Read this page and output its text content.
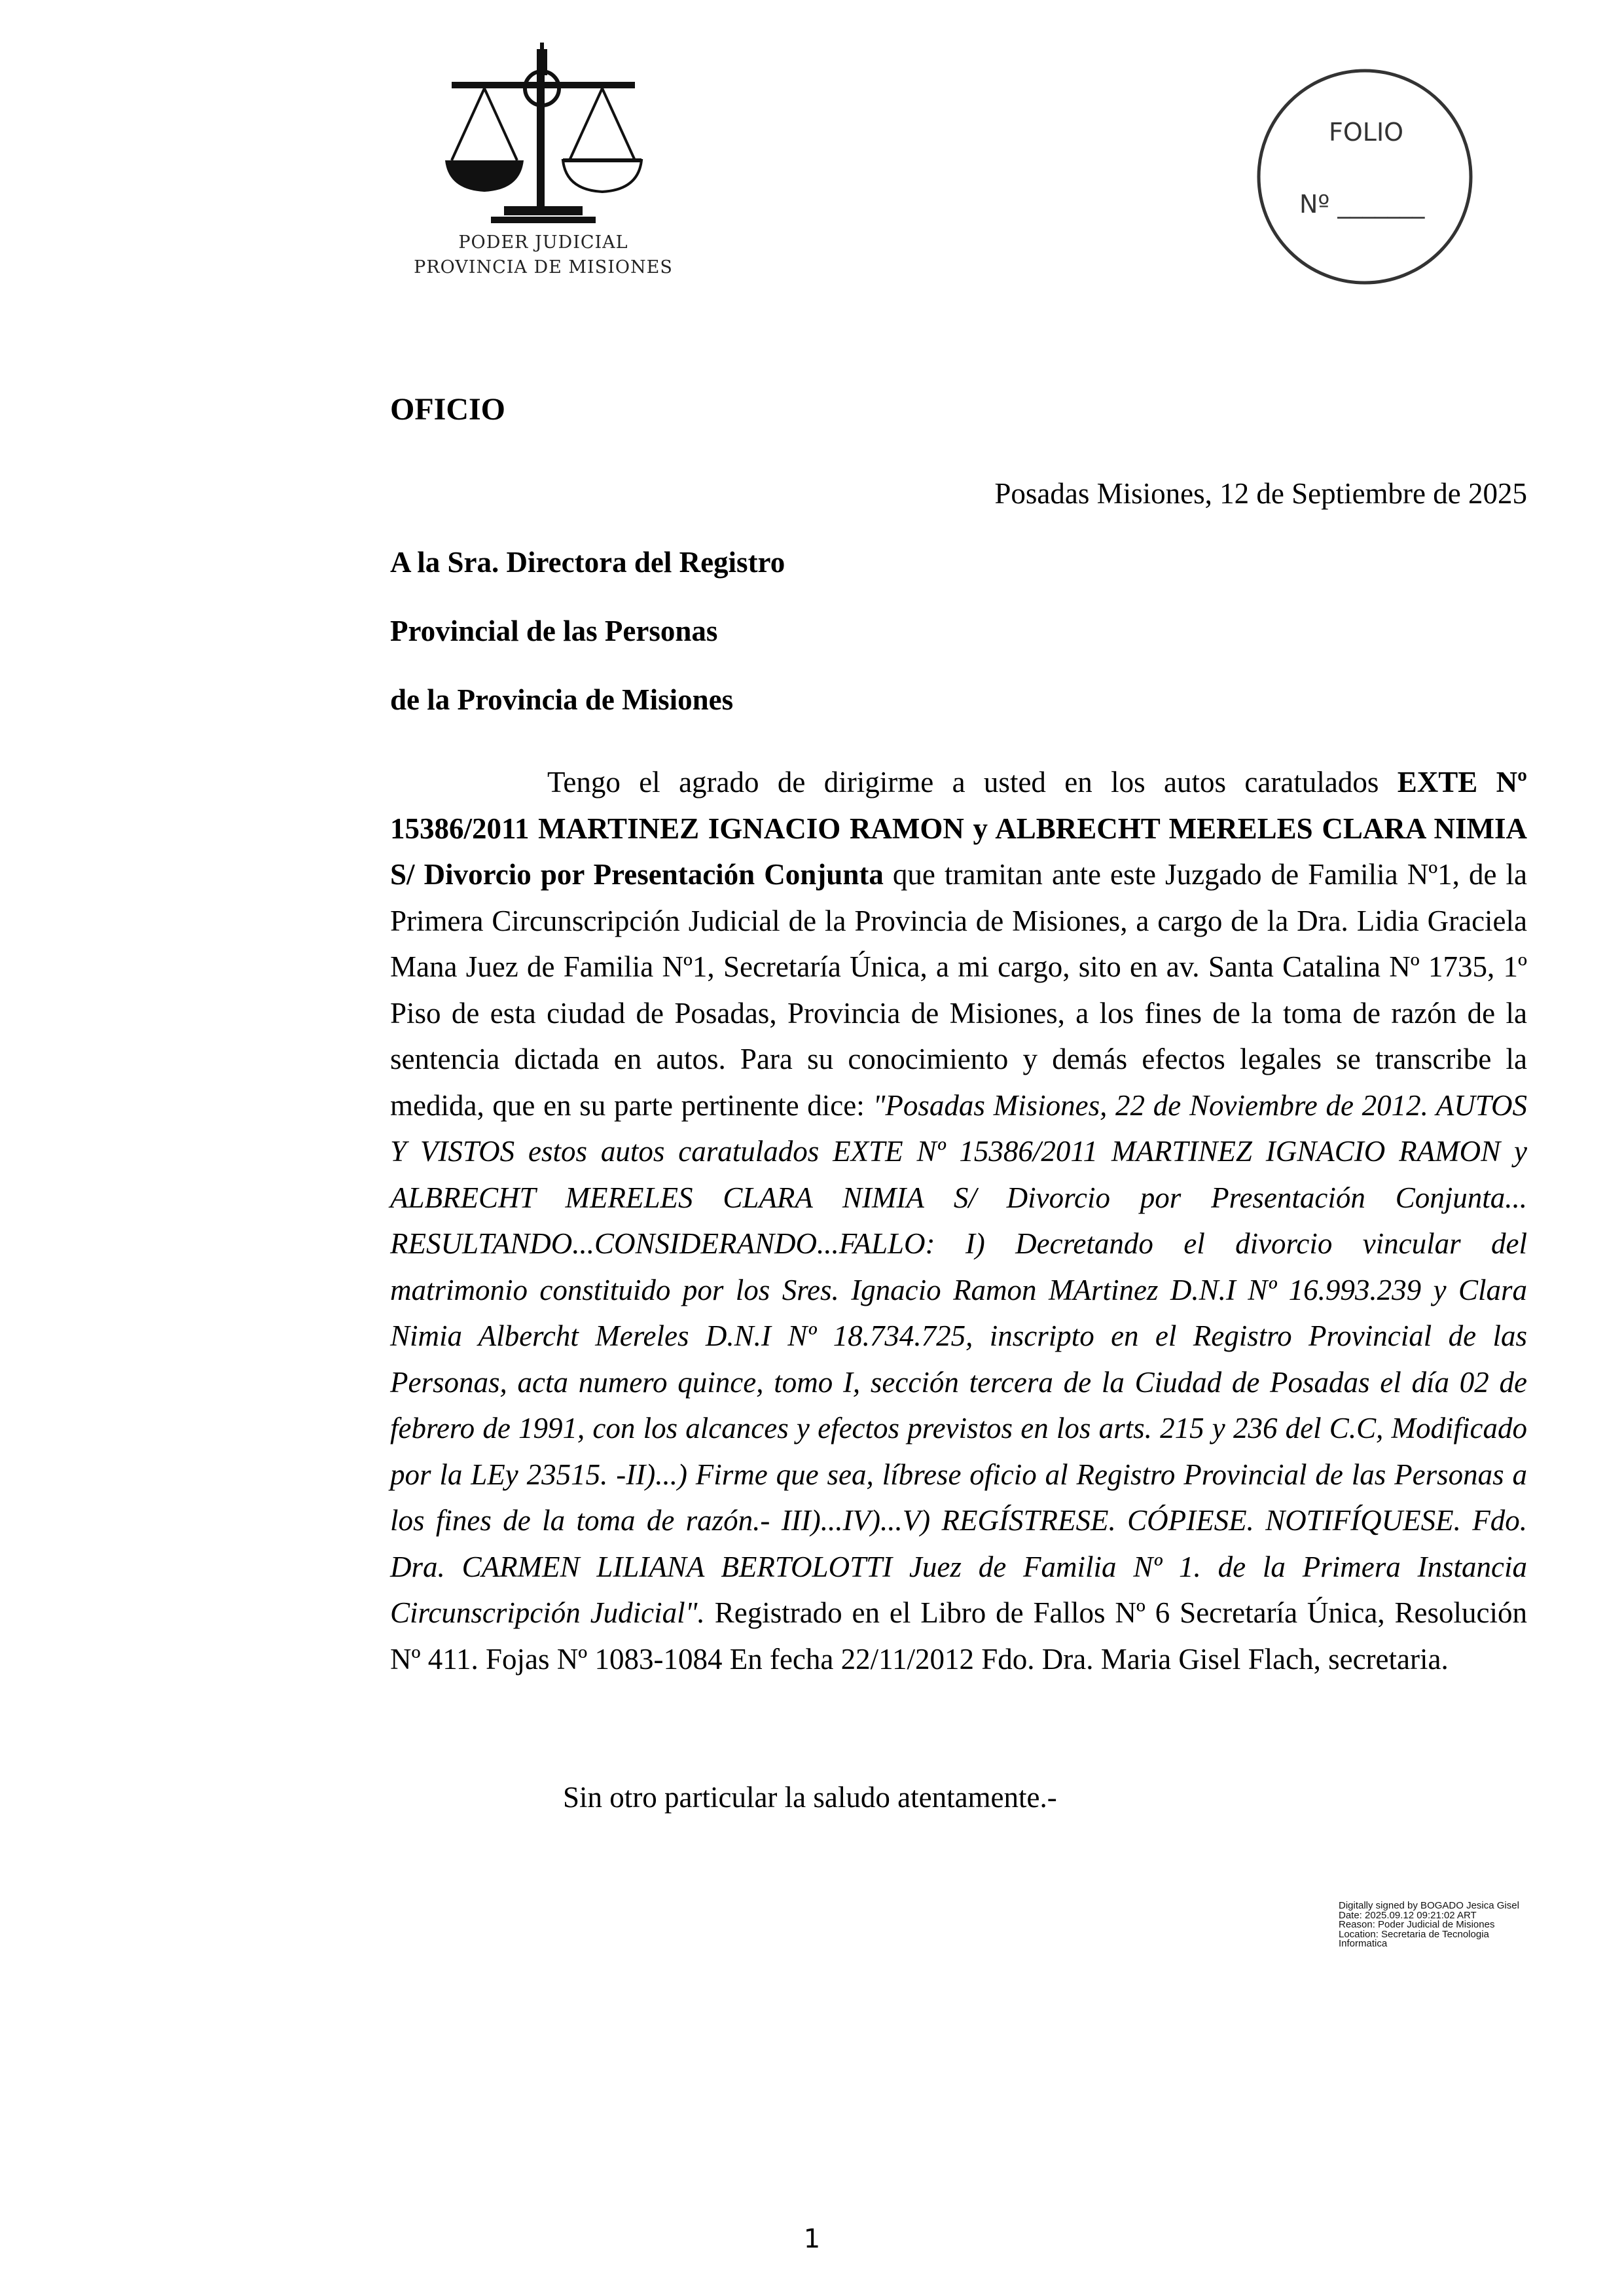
PODER JUDICIAL
PROVINCIA DE MISIONES
FOLIO
Nº _______
OFICIO
Posadas Misiones, 12 de Septiembre de 2025
A la Sra. Directora del Registro
Provincial de las Personas
de la Provincia de Misiones
Tengo el agrado de dirigirme a usted en los autos caratulados EXTE Nº 15386/2011 MARTINEZ IGNACIO RAMON y ALBRECHT MERELES CLARA NIMIA S/ Divorcio por Presentación Conjunta que tramitan ante este Juzgado de Familia Nº1, de la Primera Circunscripción Judicial de la Provincia de Misiones, a cargo de la Dra. Lidia Graciela Mana Juez de Familia Nº1, Secretaría Única, a mi cargo, sito en av. Santa Catalina Nº 1735, 1º Piso de esta ciudad de Posadas, Provincia de Misiones, a los fines de la toma de razón de la sentencia dictada en autos. Para su conocimiento y demás efectos legales se transcribe la medida, que en su parte pertinente dice: "Posadas Misiones, 22 de Noviembre de 2012. AUTOS Y VISTOS estos autos caratulados EXTE Nº 15386/2011 MARTINEZ IGNACIO RAMON y ALBRECHT MERELES CLARA NIMIA S/ Divorcio por Presentación Conjunta... RESULTANDO...CONSIDERANDO...FALLO: I) Decretando el divorcio vincular del matrimonio constituido por los Sres. Ignacio Ramon MArtinez D.N.I Nº 16.993.239 y Clara Nimia Albercht Mereles D.N.I Nº 18.734.725, inscripto en el Registro Provincial de las Personas, acta numero quince, tomo I, sección tercera de la Ciudad de Posadas el día 02 de febrero de 1991, con los alcances y efectos previstos en los arts. 215 y 236 del C.C, Modificado por la LEy 23515. -II)...) Firme que sea, líbrese oficio al Registro Provincial de las Personas a los fines de la toma de razón.- III)...IV)...V) REGÍSTRESE. CÓPIESE. NOTIFÍQUESE. Fdo. Dra. CARMEN LILIANA BERTOLOTTI Juez de Familia Nº 1. de la Primera Instancia Circunscripción Judicial". Registrado en el Libro de Fallos Nº 6 Secretaría Única, Resolución Nº 411. Fojas Nº 1083-1084 En fecha 22/11/2012 Fdo. Dra. Maria Gisel Flach, secretaria.
Sin otro particular la saludo atentamente.-
Digitally signed by BOGADO Jesica Gisel
Date: 2025.09.12 09:21:02 ART
Reason: Poder Judicial de Misiones
Location: Secretaria de Tecnologia
Informatica
1
